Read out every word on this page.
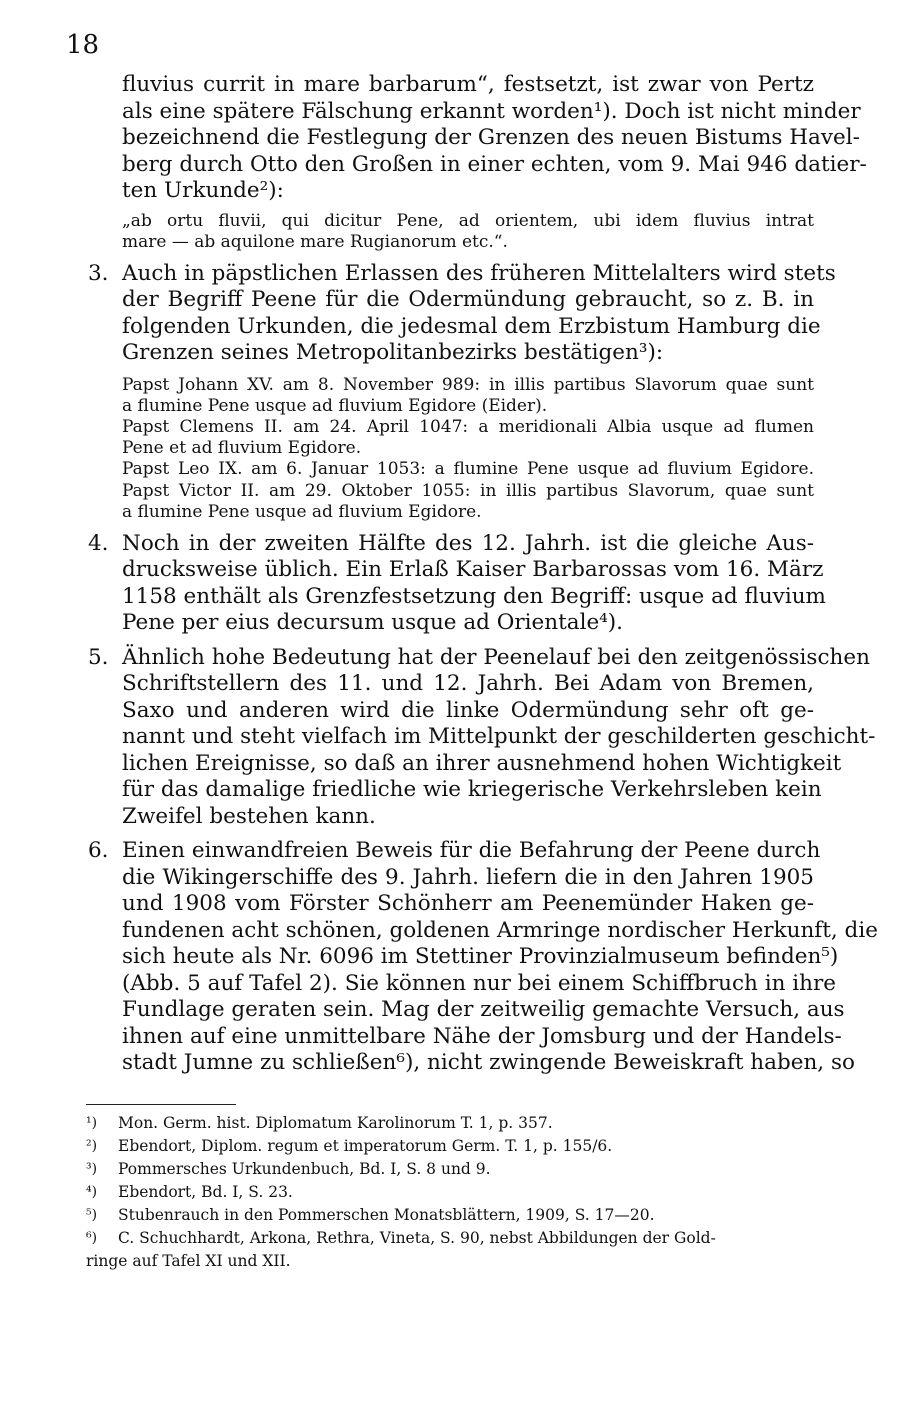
18
fluvius currit in mare barbarum“, festsetzt, ist zwar von Pertz
als eine spätere Fälschung erkannt worden¹). Doch ist nicht minder
bezeichnend die Festlegung der Grenzen des neuen Bistums Havel-
berg durch Otto den Großen in einer echten, vom 9. Mai 946 datier-
ten Urkunde²):
„ab ortu fluvii, qui dicitur Pene, ad orientem, ubi idem fluvius intrat
mare — ab aquilone mare Rugianorum etc.“.
3. Auch in päpstlichen Erlassen des früheren Mittelalters wird stets
der Begriff Peene für die Odermündung gebraucht, so z. B. in
folgenden Urkunden, die jedesmal dem Erzbistum Hamburg die
Grenzen seines Metropolitanbezirks bestätigen³):
Papst Johann XV. am 8. November 989: in illis partibus Slavorum quae sunt
a flumine Pene usque ad fluvium Egidore (Eider).
Papst Clemens II. am 24. April 1047: a meridionali Albia usque ad flumen
Pene et ad fluvium Egidore.
Papst Leo IX. am 6. Januar 1053: a flumine Pene usque ad fluvium Egidore.
Papst Victor II. am 29. Oktober 1055: in illis partibus Slavorum, quae sunt
a flumine Pene usque ad fluvium Egidore.
4. Noch in der zweiten Hälfte des 12. Jahrh. ist die gleiche Aus-
drucksweise üblich. Ein Erlaß Kaiser Barbarossas vom 16. März
1158 enthält als Grenzfestsetzung den Begriff: usque ad fluvium
Pene per eius decursum usque ad Orientale⁴).
5. Ähnlich hohe Bedeutung hat der Peenelauf bei den zeitgenössischen
Schriftstellern des 11. und 12. Jahrh. Bei Adam von Bremen,
Saxo und anderen wird die linke Odermündung sehr oft ge-
nannt und steht vielfach im Mittelpunkt der geschilderten geschicht-
lichen Ereignisse, so daß an ihrer ausnehmend hohen Wichtigkeit
für das damalige friedliche wie kriegerische Verkehrsleben kein
Zweifel bestehen kann.
6. Einen einwandfreien Beweis für die Befahrung der Peene durch
die Wikingerschiffe des 9. Jahrh. liefern die in den Jahren 1905
und 1908 vom Förster Schönherr am Peenemünder Haken ge-
fundenen acht schönen, goldenen Armringe nordischer Herkunft, die
sich heute als Nr. 6096 im Stettiner Provinzialmuseum befinden⁵)
(Abb. 5 auf Tafel 2). Sie können nur bei einem Schiffbruch in ihre
Fundlage geraten sein. Mag der zeitweilig gemachte Versuch, aus
ihnen auf eine unmittelbare Nähe der Jomsburg und der Handels-
stadt Jumne zu schließen⁶), nicht zwingende Beweiskraft haben, so
¹) Mon. Germ. hist. Diplomatum Karolinorum T. 1, p. 357.
²) Ebendort, Diplom. regum et imperatorum Germ. T. 1, p. 155/6.
³) Pommersches Urkundenbuch, Bd. I, S. 8 und 9.
⁴) Ebendort, Bd. I, S. 23.
⁵) Stubenrauch in den Pommerschen Monatsblättern, 1909, S. 17—20.
⁶) C. Schuchhardt, Arkona, Rethra, Vineta, S. 90, nebst Abbildungen der Gold-
ringe auf Tafel XI und XII.
